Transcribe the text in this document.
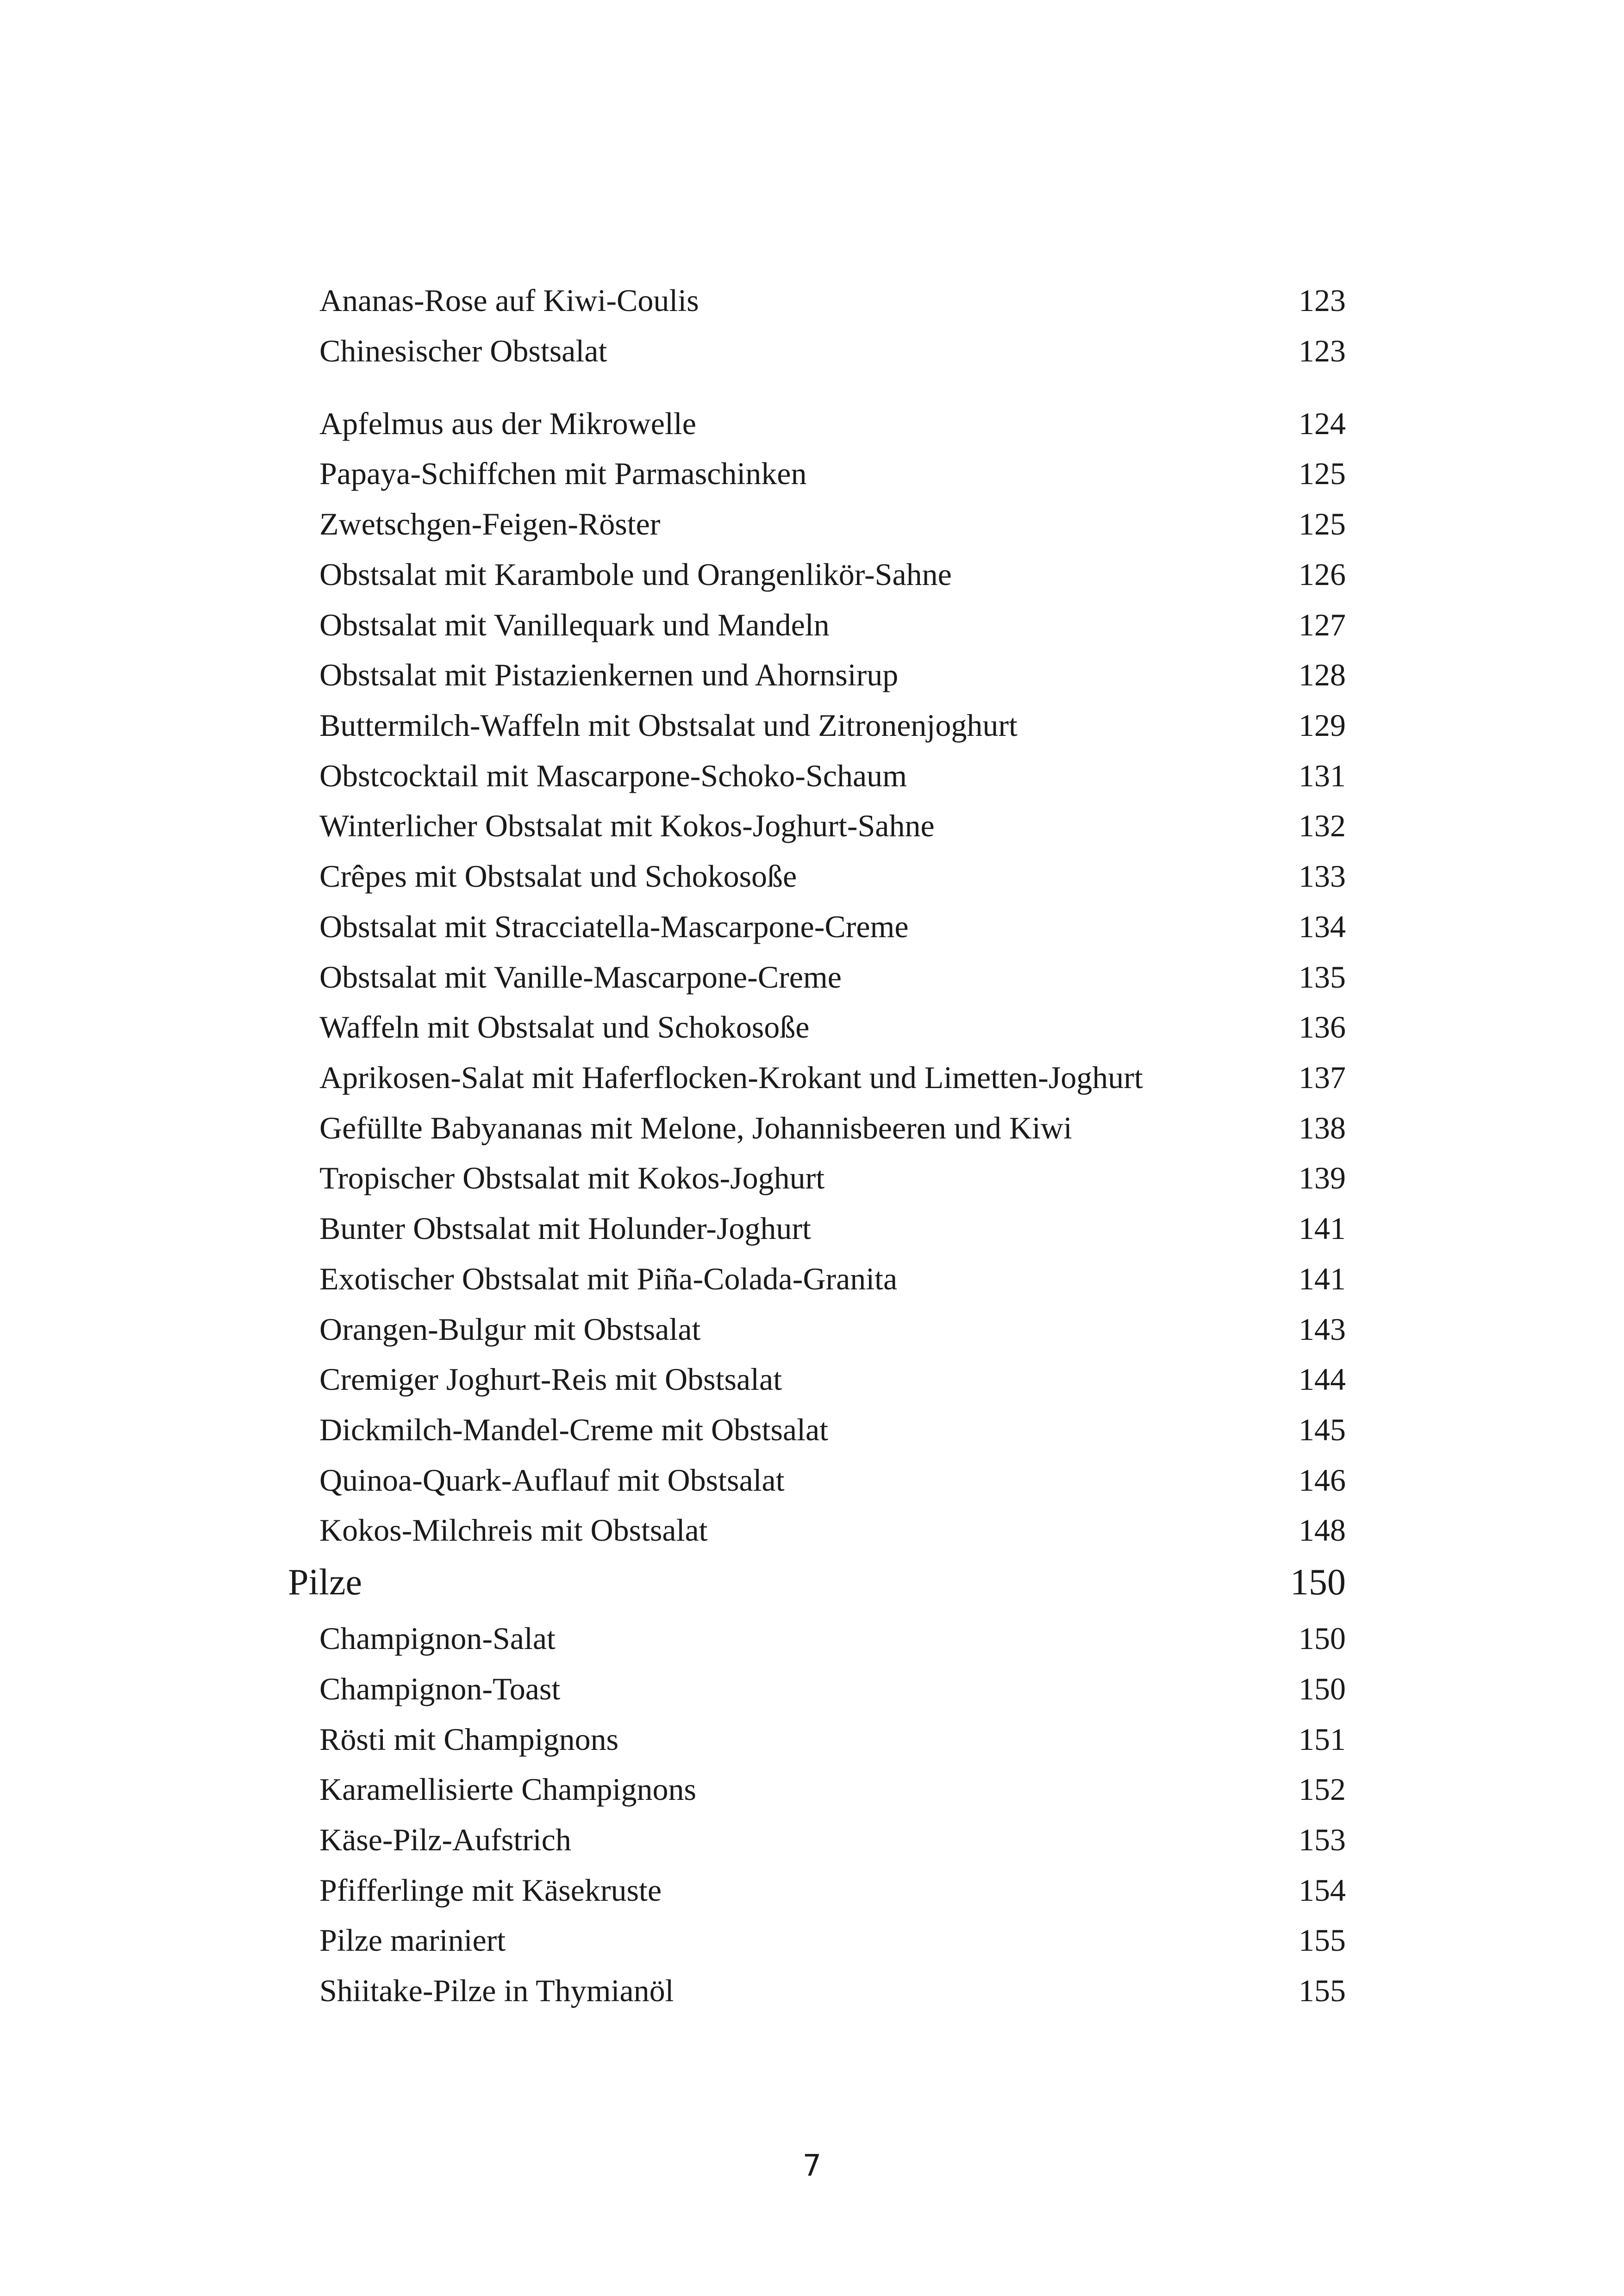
Ananas-Rose auf Kiwi-Coulis	123
Chinesischer Obstsalat	123
Apfelmus aus der Mikrowelle	124
Papaya-Schiffchen mit Parmaschinken	125
Zwetschgen-Feigen-Röster	125
Obstsalat mit Karambole und Orangenlikör-Sahne	126
Obstsalat mit Vanillequark und Mandeln	127
Obstsalat mit Pistazienkernen und Ahornsirup	128
Buttermilch-Waffeln mit Obstsalat und Zitronenjoghurt	129
Obstcocktail mit Mascarpone-Schoko-Schaum	131
Winterlicher Obstsalat mit Kokos-Joghurt-Sahne	132
Crêpes mit Obstsalat und Schokosoße	133
Obstsalat mit Stracciatella-Mascarpone-Creme	134
Obstsalat mit Vanille-Mascarpone-Creme	135
Waffeln mit Obstsalat und Schokosoße	136
Aprikosen-Salat mit Haferflocken-Krokant und Limetten-Joghurt	137
Gefüllte Babyananas mit Melone, Johannisbeeren und Kiwi	138
Tropischer Obstsalat mit Kokos-Joghurt	139
Bunter Obstsalat mit Holunder-Joghurt	141
Exotischer Obstsalat mit Piña-Colada-Granita	141
Orangen-Bulgur mit Obstsalat	143
Cremiger Joghurt-Reis mit Obstsalat	144
Dickmilch-Mandel-Creme mit Obstsalat	145
Quinoa-Quark-Auflauf mit Obstsalat	146
Kokos-Milchreis mit Obstsalat	148
Pilze	150
Champignon-Salat	150
Champignon-Toast	150
Rösti mit Champignons	151
Karamellisierte Champignons	152
Käse-Pilz-Aufstrich	153
Pfifferlinge mit Käsekruste	154
Pilze mariniert	155
Shiitake-Pilze in Thymianöl	155
7
